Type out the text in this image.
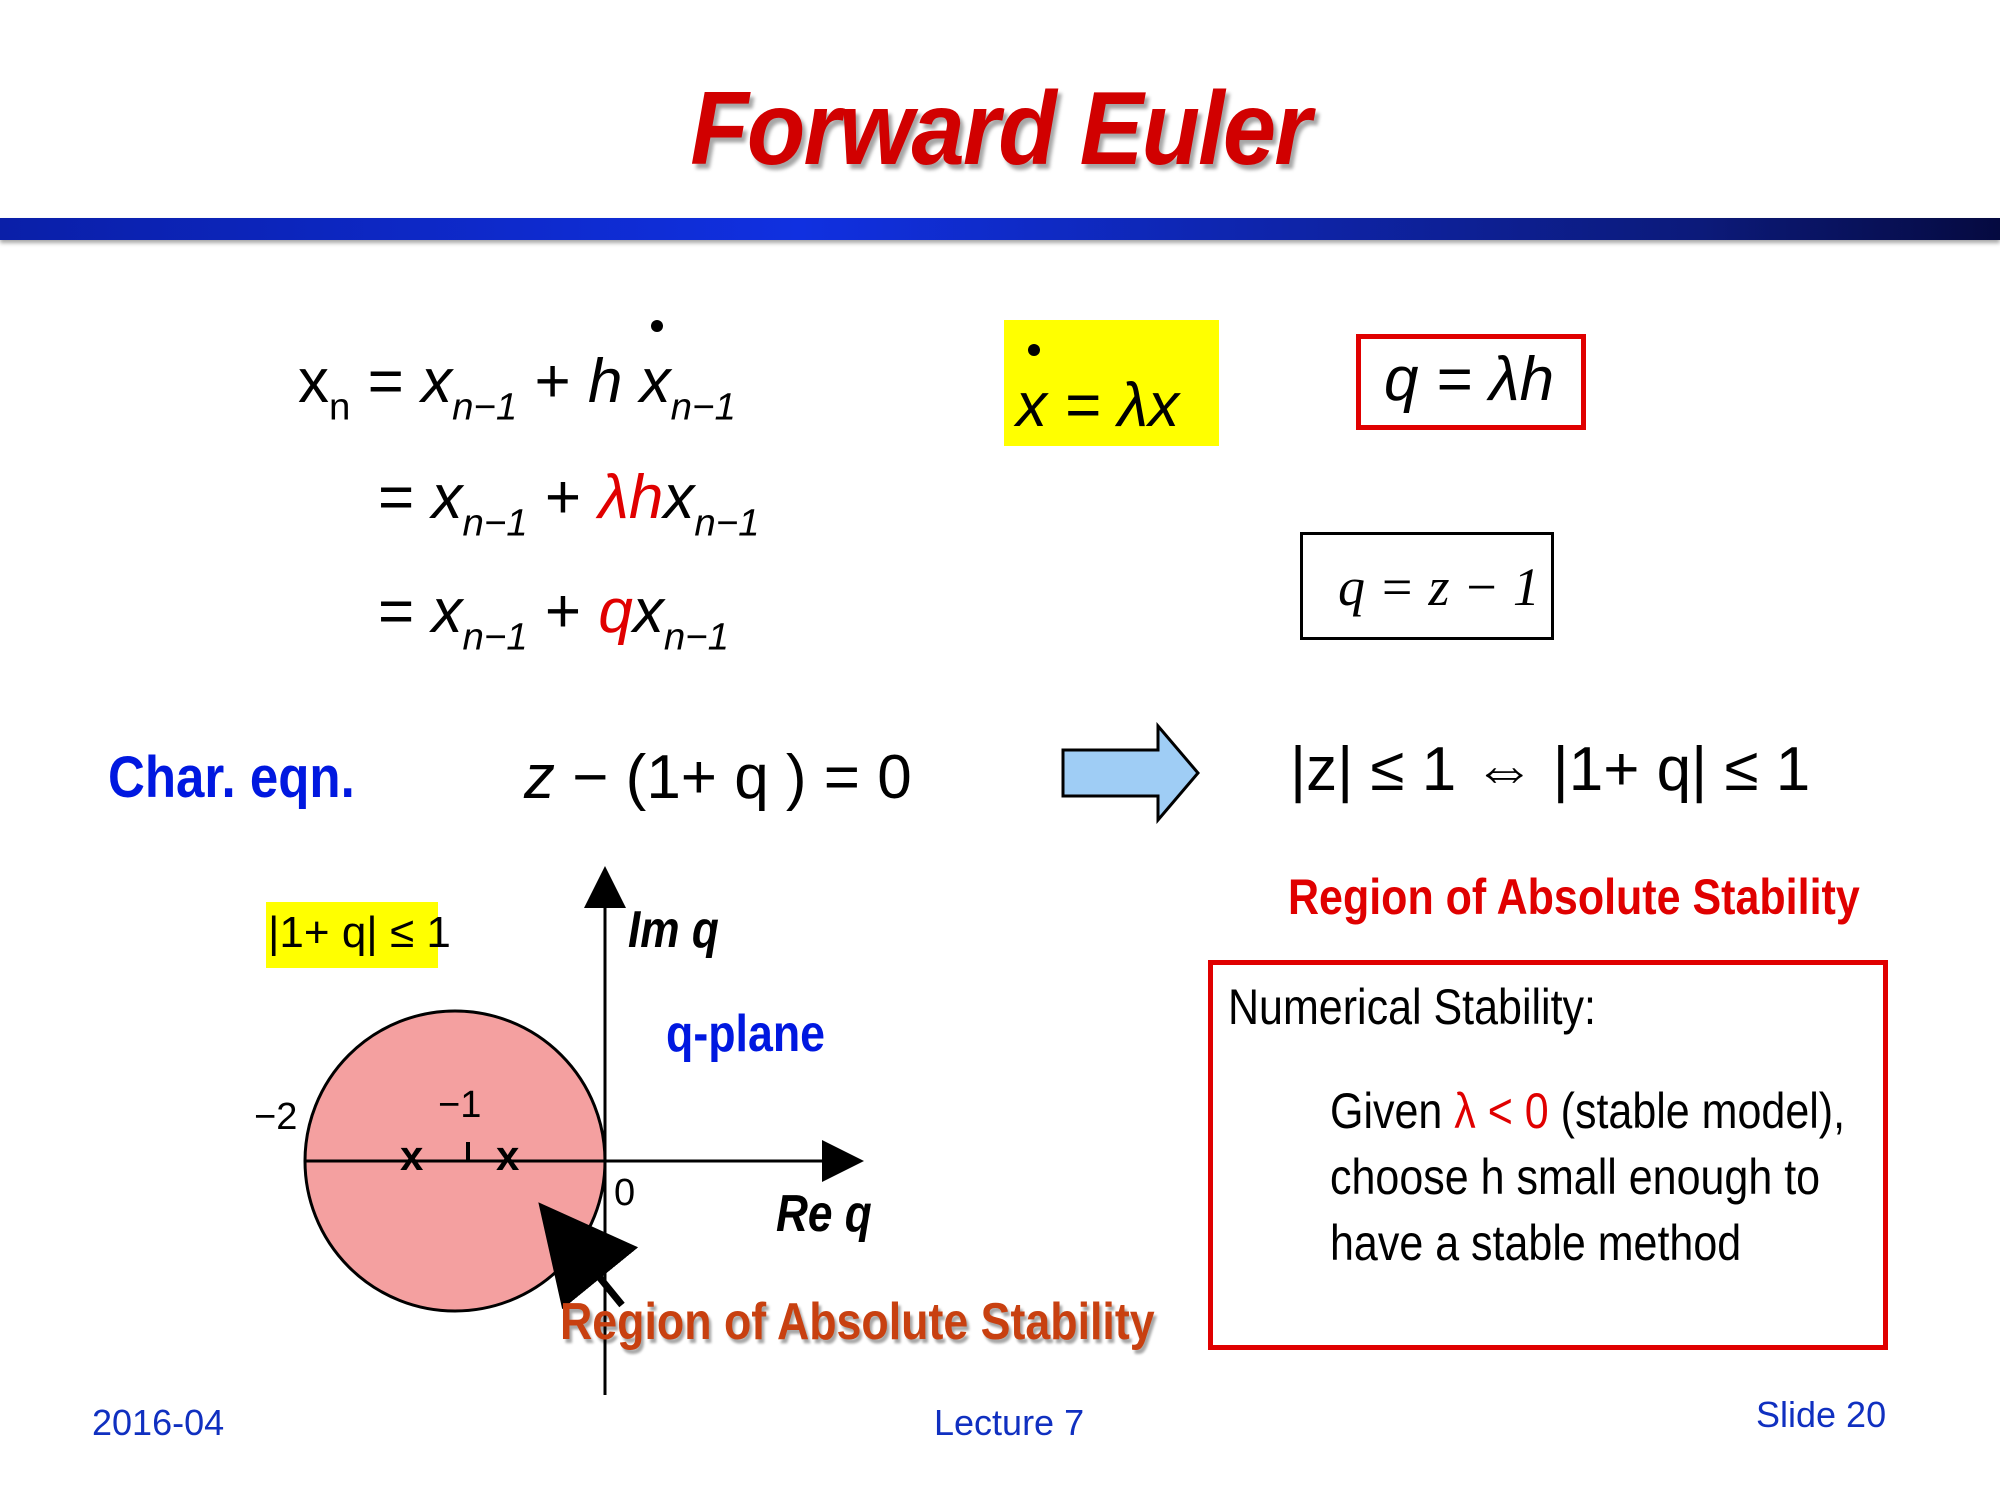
Forward Euler
$x_n = x_{n-1} + h$ $x_{n-1}$
= $x_{n-1} + \lambda hx_{n-1}$
= $x_{n-1} + qx_{n-1}$
x = λx	q = λh
q = z − 1
Char. eqn.	z − (1+ q ) = 0	|z| ≤ 1 ⇔ |1+ q| ≤ 1
Region of Absolute Stability
Numerical Stability:
Given λ < 0 (stable model), choose h small enough to have a stable method
|1+ q| ≤ 1	Im q
q-plane
Re q
−2	−1
0
x x
Region of Absolute Stability
2016-04	Lecture 7	Slide 20
